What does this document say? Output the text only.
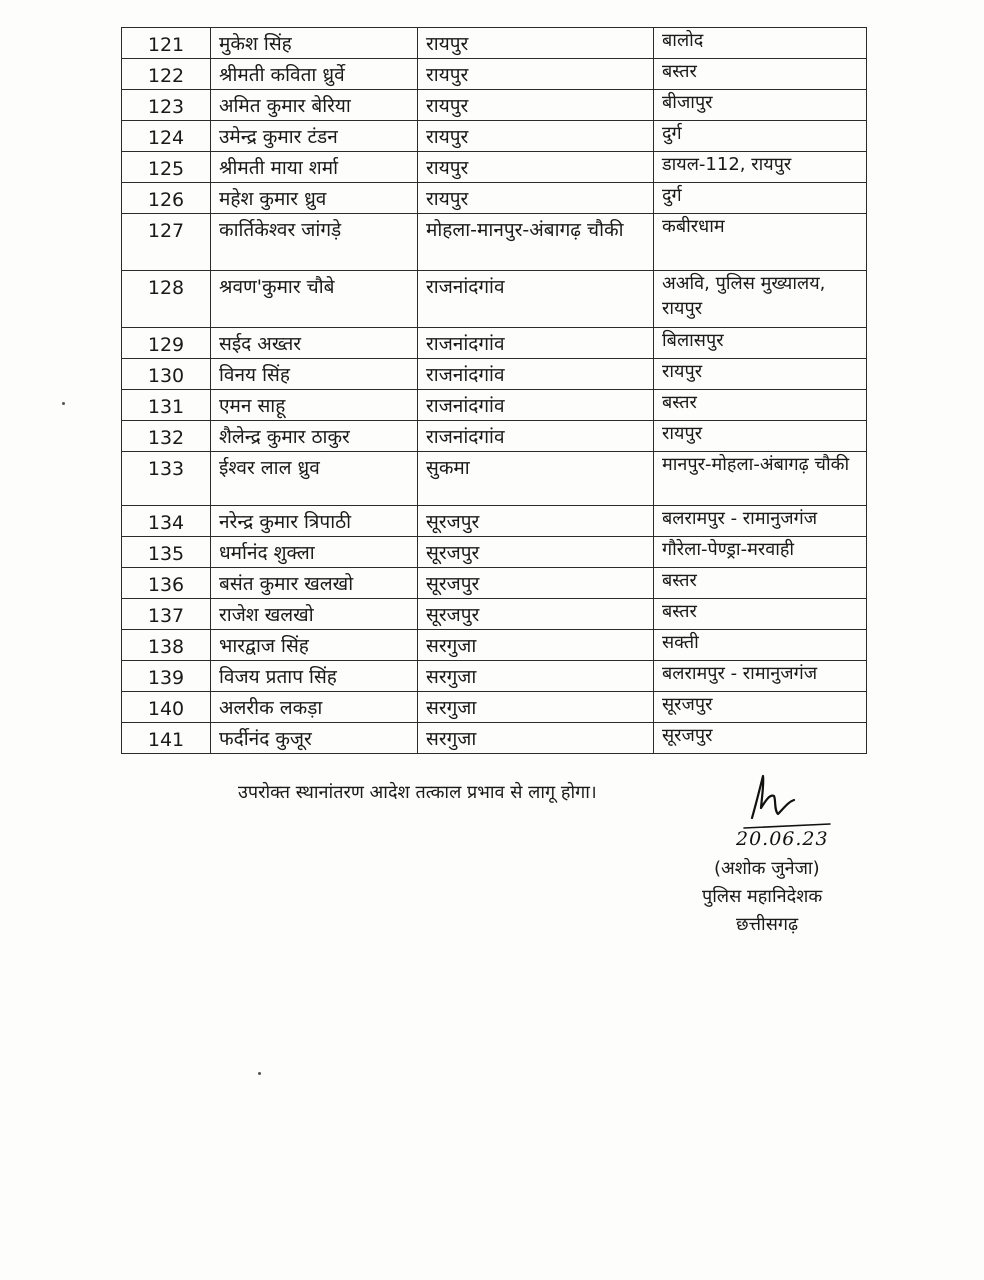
121	मुकेश सिंह	रायपुर	बालोद
122	श्रीमती कविता ध्रुर्वे	रायपुर	बस्तर
123	अमित कुमार बेरिया	रायपुर	बीजापुर
124	उमेन्द्र कुमार टंडन	रायपुर	दुर्ग
125	श्रीमती माया शर्मा	रायपुर	डायल-112, रायपुर
126	महेश कुमार ध्रुव	रायपुर	दुर्ग
127	कार्तिकेश्वर जांगड़े	मोहला-मानपुर-अंबागढ़ चौकी	कबीरधाम
128	श्रवण'कुमार चौबे	राजनांदगांव	अअवि, पुलिस मुख्यालय, रायपुर
129	सईद अख्तर	राजनांदगांव	बिलासपुर
130	विनय सिंह	राजनांदगांव	रायपुर
131	एमन साहू	राजनांदगांव	बस्तर
132	शैलेन्द्र कुमार ठाकुर	राजनांदगांव	रायपुर
133	ईश्वर लाल ध्रुव	सुकमा	मानपुर-मोहला-अंबागढ़ चौकी
134	नरेन्द्र कुमार त्रिपाठी	सूरजपुर	बलरामपुर - रामानुजगंज
135	धर्मानंद शुक्ला	सूरजपुर	गौरेला-पेण्ड्रा-मरवाही
136	बसंत कुमार खलखो	सूरजपुर	बस्तर
137	राजेश खलखो	सूरजपुर	बस्तर
138	भारद्वाज सिंह	सरगुजा	सक्ती
139	विजय प्रताप सिंह	सरगुजा	बलरामपुर - रामानुजगंज
140	अलरीक लकड़ा	सरगुजा	सूरजपुर
141	फर्दीनंद कुजूर	सरगुजा	सूरजपुर
उपरोक्त स्थानांतरण आदेश तत्काल प्रभाव से लागू होगा।
20.06.23
(अशोक जुनेजा)
पुलिस महानिदेशक
छत्तीसगढ़
